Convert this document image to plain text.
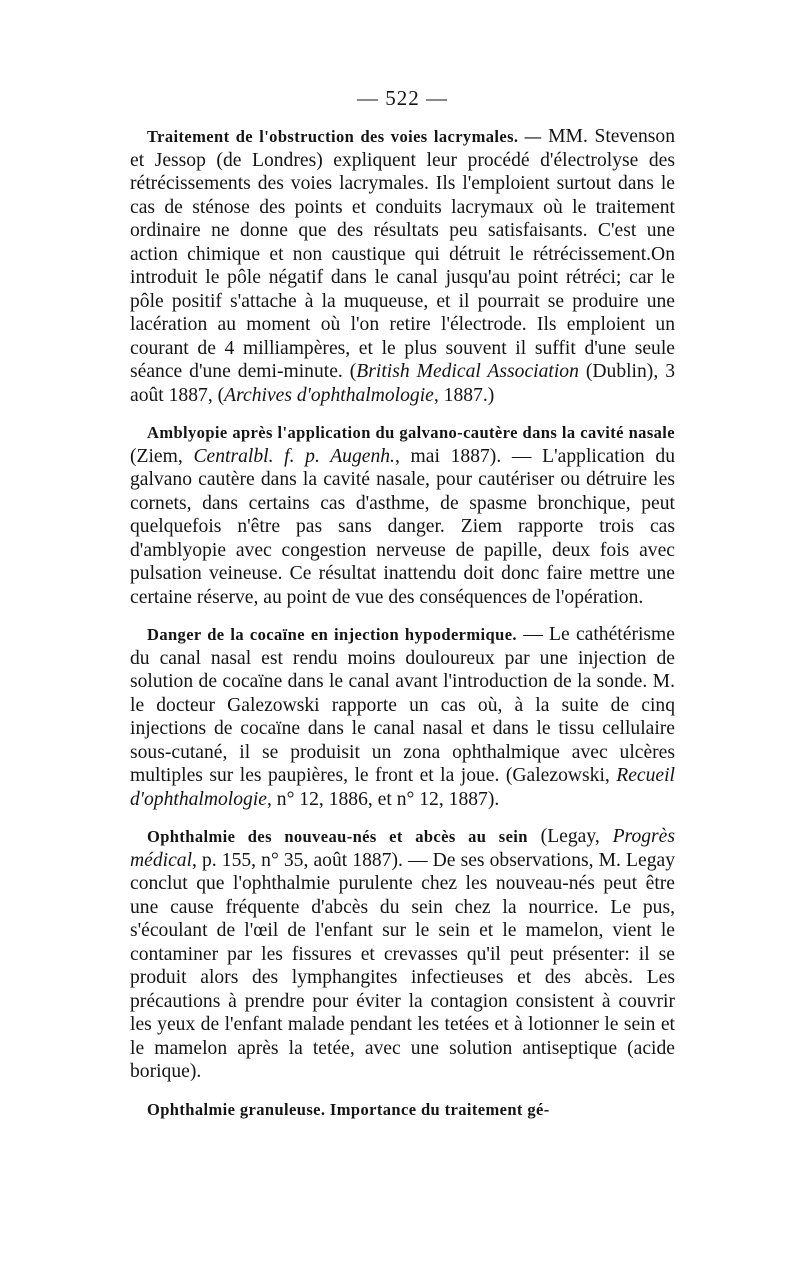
— 522 —

Traitement de l'obstruction des voies lacrymales. — MM. Stevenson et Jessop (de Londres) expliquent leur procédé d'électrolyse des rétrécissements des voies lacrymales. Ils l'emploient surtout dans le cas de sténose des points et conduits lacrymaux où le traitement ordinaire ne donne que des résultats peu satisfaisants. C'est une action chimique et non caustique qui détruit le rétrécissement.On introduit le pôle négatif dans le canal jusqu'au point rétréci; car le pôle positif s'attache à la muqueuse, et il pourrait se produire une lacération au moment où l'on retire l'électrode. Ils emploient un courant de 4 milliampères, et le plus souvent il suffit d'une seule séance d'une demi-minute. (British Medical Association (Dublin), 3 août 1887, (Archives d'ophthalmologie, 1887.)

Amblyopie après l'application du galvano-cautère dans la cavité nasale (Ziem, Centralbl. f. p. Augenh., mai 1887). — L'application du galvano cautère dans la cavité nasale, pour cautériser ou détruire les cornets, dans certains cas d'asthme, de spasme bronchique, peut quelquefois n'être pas sans danger. Ziem rapporte trois cas d'amblyopie avec congestion nerveuse de papille, deux fois avec pulsation veineuse. Ce résultat inattendu doit donc faire mettre une certaine réserve, au point de vue des conséquences de l'opération.

Danger de la cocaïne en injection hypodermique. — Le cathétérisme du canal nasal est rendu moins douloureux par une injection de solution de cocaïne dans le canal avant l'introduction de la sonde. M. le docteur Galezowski rapporte un cas où, à la suite de cinq injections de cocaïne dans le canal nasal et dans le tissu cellulaire sous-cutané, il se produisit un zona ophthalmique avec ulcères multiples sur les paupières, le front et la joue. (Galezowski, Recueil d'ophthalmologie, n° 12, 1886, et n° 12, 1887).

Ophthalmie des nouveau-nés et abcès au sein (Legay, Progrès médical, p. 155, n° 35, août 1887). — De ses observations, M. Legay conclut que l'ophthalmie purulente chez les nouveau-nés peut être une cause fréquente d'abcès du sein chez la nourrice. Le pus, s'écoulant de l'œil de l'enfant sur le sein et le mamelon, vient le contaminer par les fissures et crevasses qu'il peut présenter: il se produit alors des lymphangites infectieuses et des abcès. Les précautions à prendre pour éviter la contagion consistent à couvrir les yeux de l'enfant malade pendant les tetées et à lotionner le sein et le mamelon après la tetée, avec une solution antiseptique (acide borique).

Ophthalmie granuleuse. Importance du traitement gé-
